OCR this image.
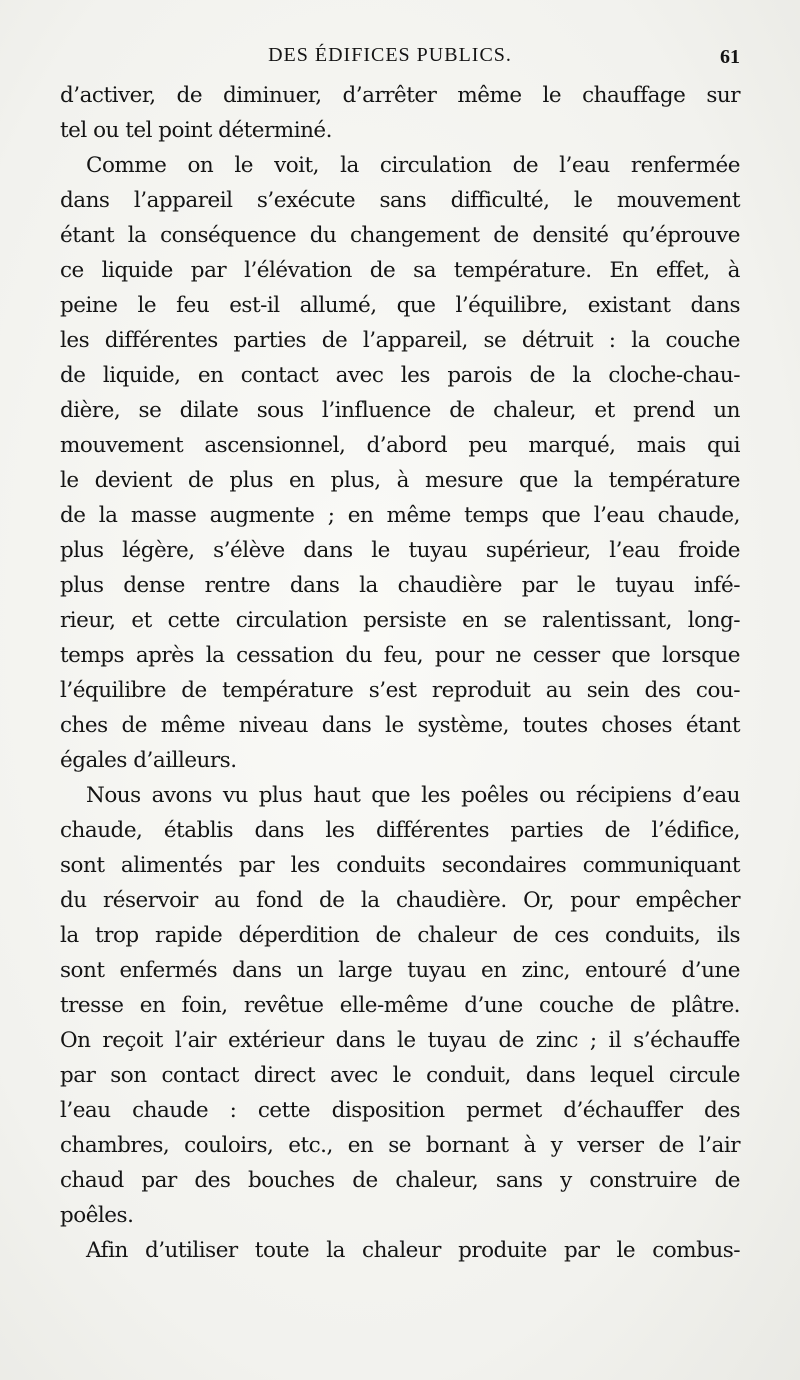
DES ÉDIFICES PUBLICS.	61
d’activer, de diminuer, d’arrêter même le chauffage sur
tel ou tel point déterminé.
Comme on le voit, la circulation de l’eau renfermée
dans l’appareil s’exécute sans difficulté, le mouvement
étant la conséquence du changement de densité qu’éprouve
ce liquide par l’élévation de sa température. En effet, à
peine le feu est-il allumé, que l’équilibre, existant dans
les différentes parties de l’appareil, se détruit : la couche
de liquide, en contact avec les parois de la cloche-chau-
dière, se dilate sous l’influence de chaleur, et prend un
mouvement ascensionnel, d’abord peu marqué, mais qui
le devient de plus en plus, à mesure que la température
de la masse augmente ; en même temps que l’eau chaude,
plus légère, s’élève dans le tuyau supérieur, l’eau froide
plus dense rentre dans la chaudière par le tuyau infé-
rieur, et cette circulation persiste en se ralentissant, long-
temps après la cessation du feu, pour ne cesser que lorsque
l’équilibre de température s’est reproduit au sein des cou-
ches de même niveau dans le système, toutes choses étant
égales d’ailleurs.
Nous avons vu plus haut que les poêles ou récipiens d’eau
chaude, établis dans les différentes parties de l’édifice,
sont alimentés par les conduits secondaires communiquant
du réservoir au fond de la chaudière. Or, pour empêcher
la trop rapide déperdition de chaleur de ces conduits, ils
sont enfermés dans un large tuyau en zinc, entouré d’une
tresse en foin, revêtue elle-même d’une couche de plâtre.
On reçoit l’air extérieur dans le tuyau de zinc ; il s’échauffe
par son contact direct avec le conduit, dans lequel circule
l’eau chaude : cette disposition permet d’échauffer des
chambres, couloirs, etc., en se bornant à y verser de l’air
chaud par des bouches de chaleur, sans y construire de
poêles.
Afin d’utiliser toute la chaleur produite par le combus-
